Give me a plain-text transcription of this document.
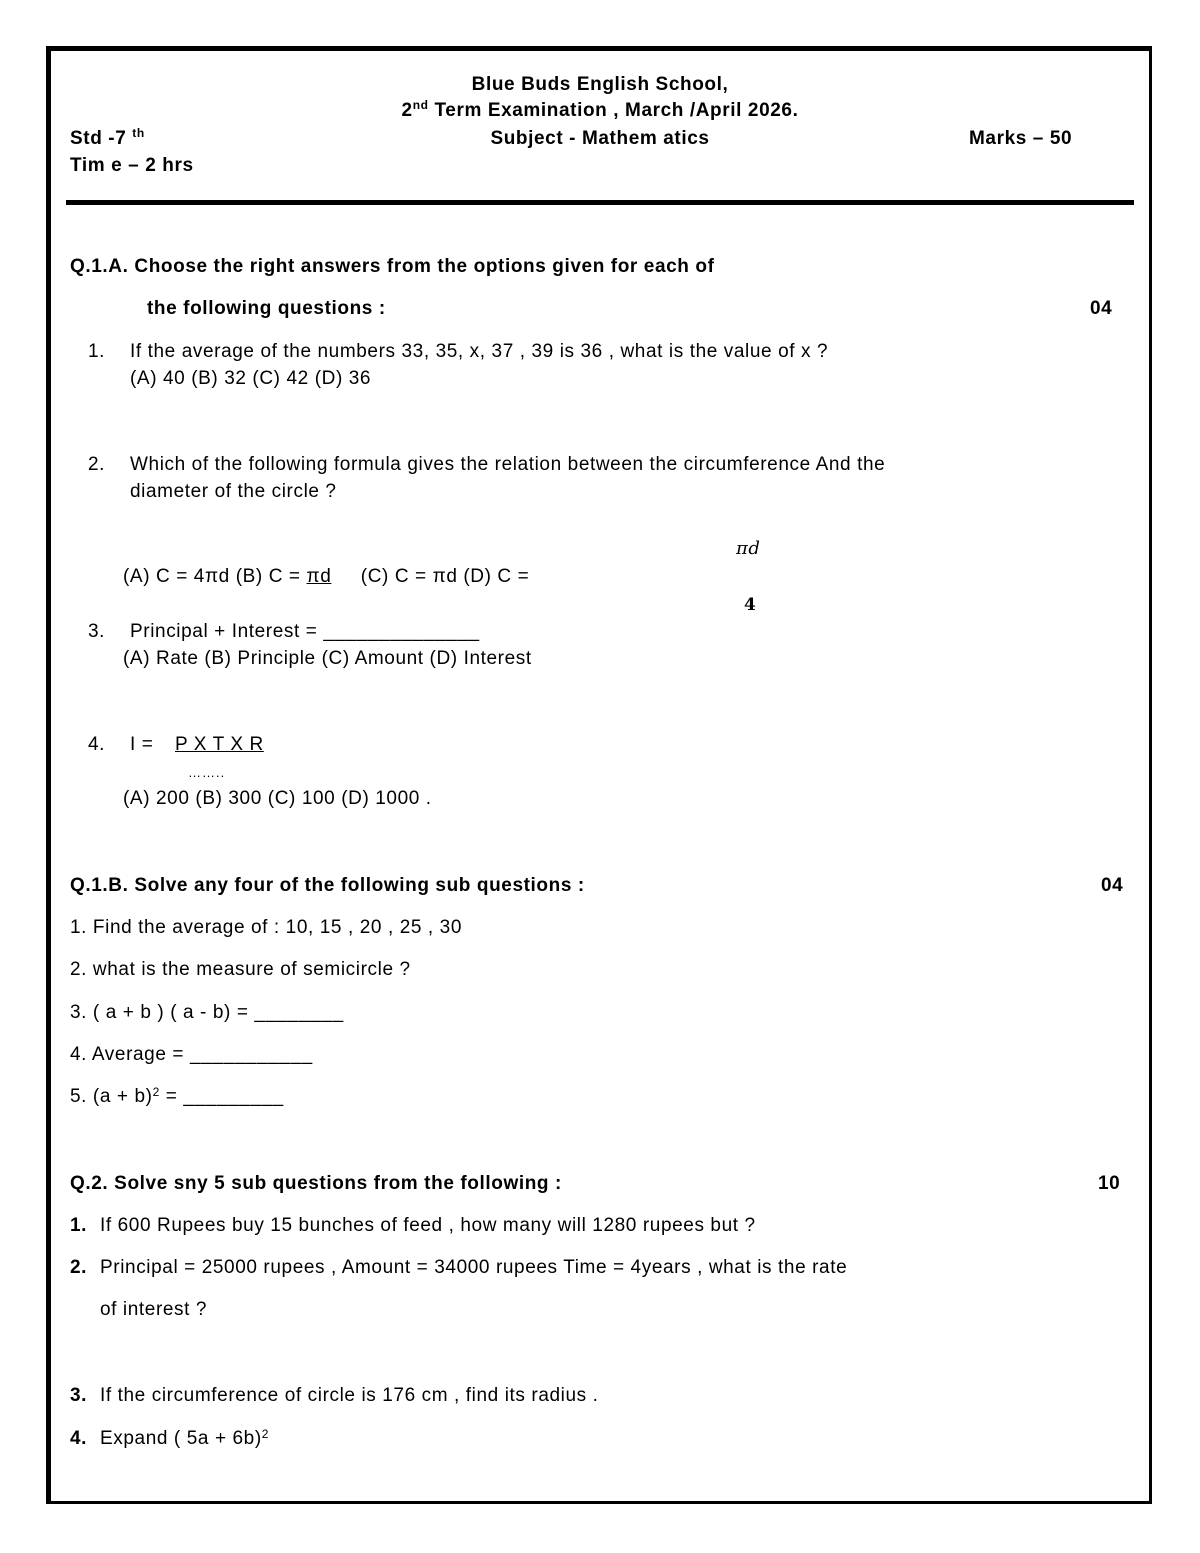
Blue Buds English School,
2nd Term Examination , March /April 2026.
Subject - Mathem atics
Std -7 $^{th}$	Marks – 50
Tim e – 2 hrs
Q.1.A. Choose the right answers from the options given for each of
the following questions :	04
1. If the average of the numbers 33, 35, x, 37 , 39 is 36 , what is the value of x ?
(A) 40 (B) 32 (C) 42 (D) 36
2. Which of the following formula gives the relation between the circumference And the
diameter of the circle ?
(A) C = 4πd (B) C = πd (C) C = πd (D) C =
πd
4
3. Principal + Interest = ______________
(A) Rate (B) Principle (C) Amount (D) Interest
4. I = P X T X R
……..
(A) 200 (B) 300 (C) 100 (D) 1000 .
Q.1.B. Solve any four of the following sub questions :	04
1. Find the average of : 10, 15 , 20 , 25 , 30
2. what is the measure of semicircle ?
3. ( a + b ) ( a - b) = ________
4. Average = ___________
5. $(a + b)^2$ = _________
Q.2. Solve sny 5 sub questions from the following :	10
1. If 600 Rupees buy 15 bunches of feed , how many will 1280 rupees but ?
2. Principal = 25000 rupees , Amount = 34000 rupees Time = 4years , what is the rate
of interest ?
3. If the circumference of circle is 176 cm , find its radius .
4. Expand ( 5a + 6b)$^2$
